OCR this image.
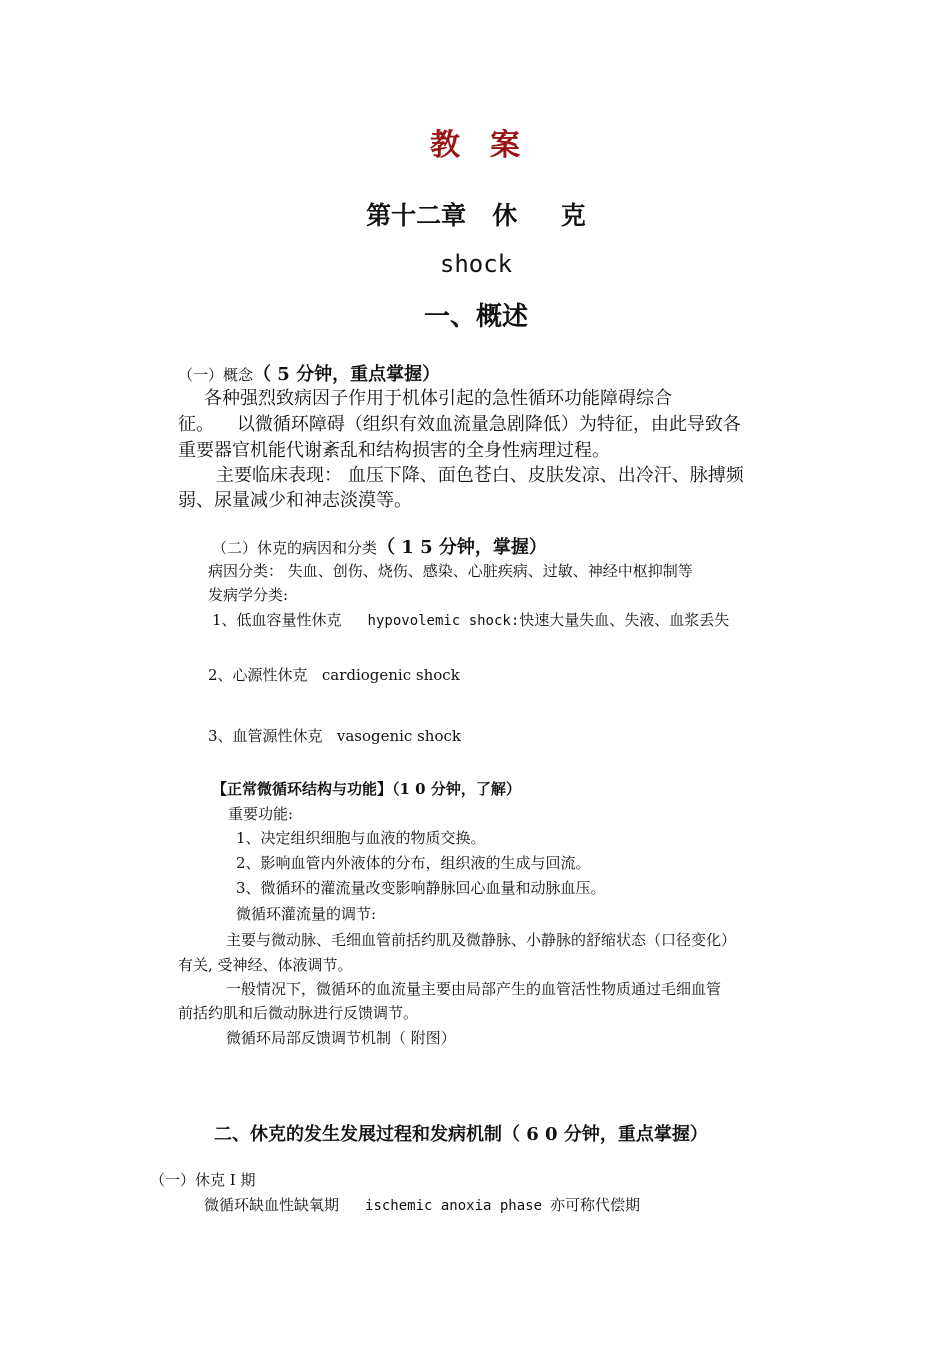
教 案
第十二章   休     克
shock
一、概述
（一）概念（ 5 分钟，重点掌握）
各种强烈致病因子作用于机体引起的急性循环功能障碍综合
征。    以微循环障碍（组织有效血流量急剧降低）为特征，由此导致各
重要器官机能代谢紊乱和结构损害的全身性病理过程。
主要临床表现： 血压下降、面色苍白、皮肤发凉、出冷汗、脉搏频
弱、尿量减少和神志淡漠等。
（二）休克的病因和分类（ 1 5 分钟，掌握）
病因分类： 失血、创伤、烧伤、感染、心脏疾病、过敏、神经中枢抑制等
发病学分类:
1、低血容量性休克 hypovolemic shock:快速大量失血、失液、血浆丢失
2、心源性休克   cardiogenic shock
3、血管源性休克   vasogenic shock
【正常微循环结构与功能】（1 0 分钟，了解）
重要功能:
1、决定组织细胞与血液的物质交换。
2、影响血管内外液体的分布，组织液的生成与回流。
3、微循环的灌流量改变影响静脉回心血量和动脉血压。
微循环灌流量的调节:
主要与微动脉、毛细血管前括约肌及微静脉、小静脉的舒缩状态（口径变化）
有关, 受神经、体液调节。
一般情况下，微循环的血流量主要由局部产生的血管活性物质通过毛细血管
前括约肌和后微动脉进行反馈调节。
微循环局部反馈调节机制（ 附图）
二、休克的发生发展过程和发病机制（ 6 0 分钟，重点掌握）
（一）休克 I 期
微循环缺血性缺氧期 ischemic anoxia phase 亦可称代偿期
